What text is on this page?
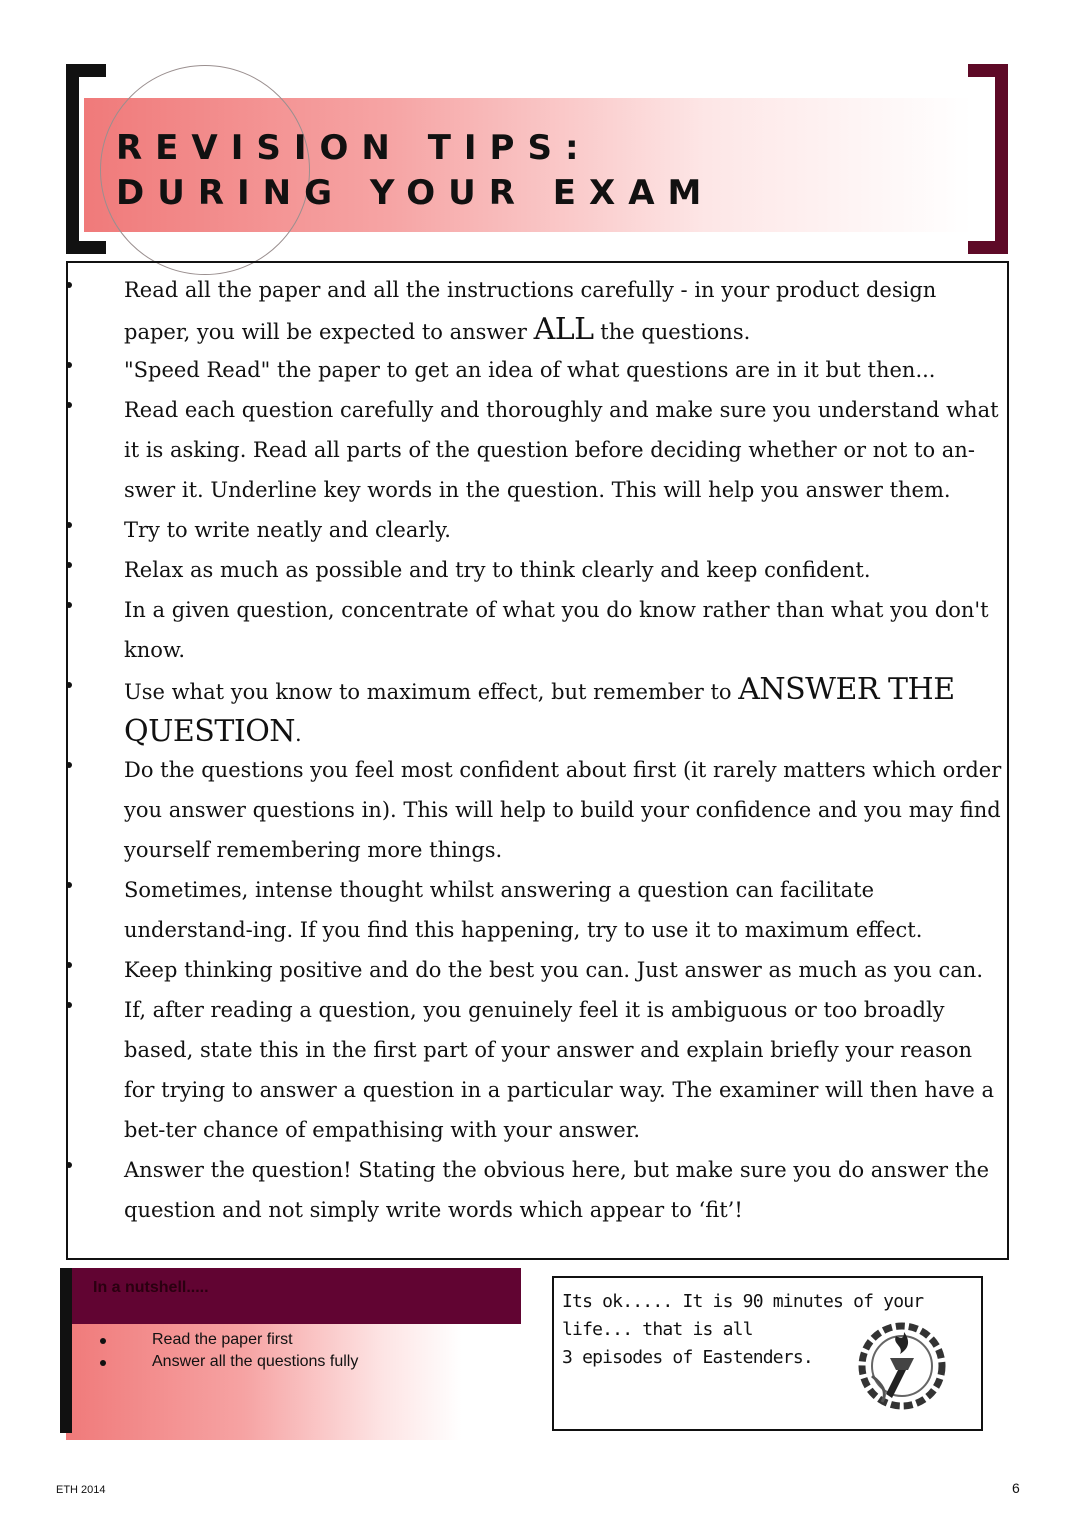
REVISION TIPS:
DURING YOUR EXAM

Read all the paper and all the instructions carefully - in your product design paper, you will be expected to answer ALL the questions.

"Speed Read" the paper to get an idea of what questions are in it but then...

Read each question carefully and thoroughly and make sure you understand what it is asking. Read all parts of the question before deciding whether or not to an-swer it. Underline key words in the question. This will help you answer them.

Try to write neatly and clearly.

Relax as much as possible and try to think clearly and keep confident.

In a given question, concentrate of what you do know rather than what you don't know.

Use what you know to maximum effect, but remember to ANSWER THE QUESTION.

Do the questions you feel most confident about first (it rarely matters which order you answer questions in). This will help to build your confidence and you may find yourself remembering more things.

Sometimes, intense thought whilst answering a question can facilitate understand-ing. If you find this happening, try to use it to maximum effect.

Keep thinking positive and do the best you can. Just answer as much as you can.

If, after reading a question, you genuinely feel it is ambiguous or too broadly based, state this in the first part of your answer and explain briefly your reason for trying to answer a question in a particular way. The examiner will then have a bet-ter chance of empathising with your answer.

Answer the question! Stating the obvious here, but make sure you do answer the question and not simply write words which appear to ‘fit’!

In a nutshell.....

Read the paper first
Answer all the questions fully

Its ok..... It is 90 minutes of your life... that is all
3 episodes of Eastenders.

ETH 2014	6
